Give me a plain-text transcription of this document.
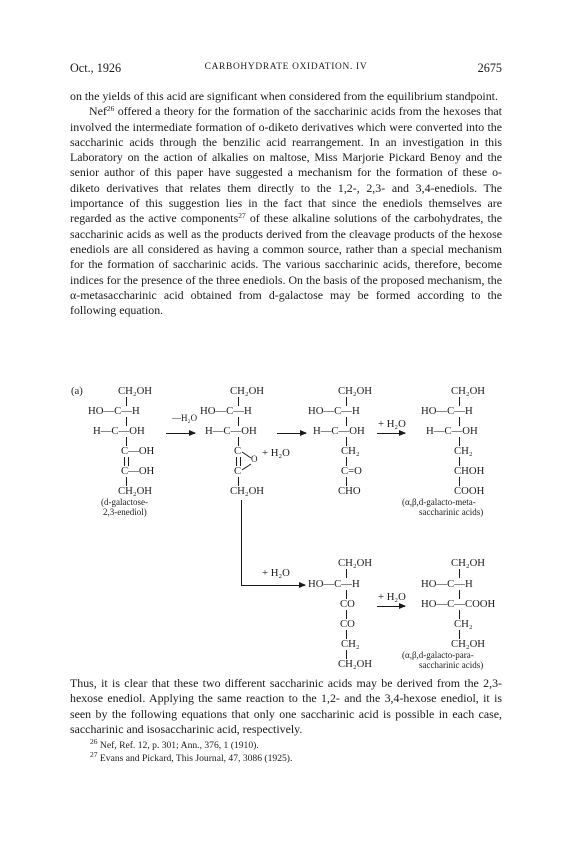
Oct., 1926	CARBOHYDRATE OXIDATION. IV	2675

on the yields of this acid are significant when considered from the equilibrium standpoint.

Nef$^{26}$ offered a theory for the formation of the saccharinic acids from the hexoses that involved the intermediate formation of o-diketo derivatives which were converted into the saccharinic acids through the benzilic acid rearrangement. In an investigation in this Laboratory on the action of alkalies on maltose, Miss Marjorie Pickard Benoy and the senior author of this paper have suggested a mechanism for the formation of these o-diketo derivatives that relates them directly to the 1,2-, 2,3- and 3,4-enediols. The importance of this suggestion lies in the fact that since the enediols themselves are regarded as the active components$^{27}$ of these alkaline solutions of the carbohydrates, the saccharinic acids as well as the products derived from the cleavage products of the hexose enediols are all considered as having a common source, rather than a special mechanism for the formation of saccharinic acids. The various saccharinic acids, therefore, become indices for the presence of the three enediols. On the basis of the proposed mechanism, the α-metasaccharinic acid obtained from d-galactose may be formed according to the following equation.

(a)	CH₂OH
HO—C—H
H—C—OH
C—OH
C—OH
CH₂OH
(d-galactose-
2,3-enediol)
—H₂O
CH₂OH
HO—C—H
H—C—OH
C
C
O
CH₂OH
+ H₂O
CH₂OH
HO—C—H
H—C—OH
CH₂
C=O
CHO
+ H₂O
CH₂OH
HO—C—H
H—C—OH
CH₂
CHOH
COOH
(α,β,d-galacto-meta-
saccharinic acids)
+ H₂O
CH₂OH
HO—C—H
CO
CO
CH₂
CH₂OH
+ H₂O
CH₂OH
HO—C—H
HO—C—COOH
CH₂
CH₂OH
(α,β,d-galacto-para-
saccharinic acids)

Thus, it is clear that these two different saccharinic acids may be derived from the 2,3-hexose enediol. Applying the same reaction to the 1,2- and the 3,4-hexose enediol, it is seen by the following equations that only one saccharinic acid is possible in each case, saccharinic and isosaccharinic acid, respectively.

$^{26}$ Nef, Ref. 12, p. 301; Ann., 376, 1 (1910).
$^{27}$ Evans and Pickard, This Journal, 47, 3086 (1925).
